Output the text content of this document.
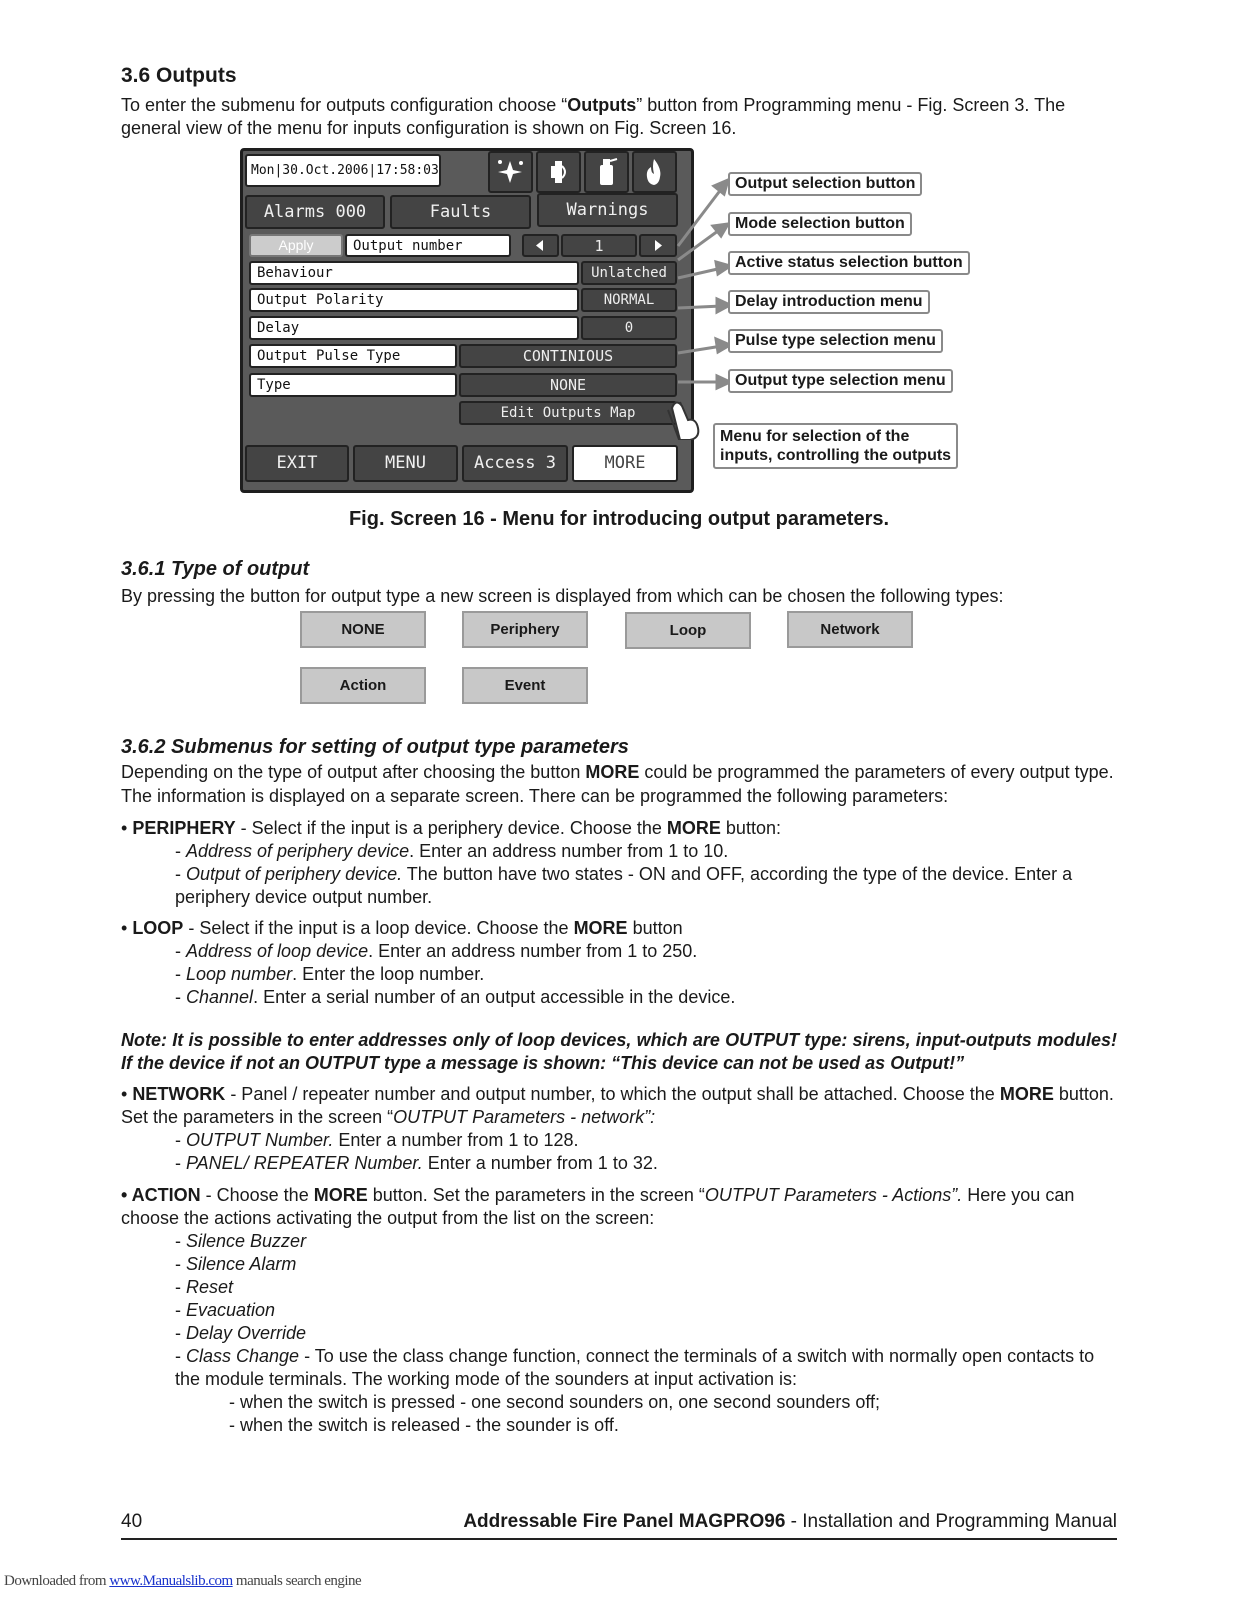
3.6 Outputs
To enter the submenu for outputs configuration choose “Outputs” button from Programming menu - Fig. Screen 3. The general view of the menu for inputs configuration is shown on Fig. Screen 16.
Mon|30.Oct.2006|17:58:03
Alarms 000	Faults	Warnings
Apply	Output number	1
Behaviour	Unlatched
Output Polarity	NORMAL
Delay	0
Output Pulse Type	CONTINIOUS
Type	NONE
Edit Outputs Map
EXIT	MENU	Access 3	MORE
Output selection button
Mode selection button
Active status selection button
Delay introduction menu
Pulse type selection menu
Output type selection menu
Menu for selection of the
inputs, controlling the outputs
Fig. Screen 16 - Menu for introducing output parameters.
3.6.1 Type of output
By pressing the button for output type a new screen is displayed from which can be chosen the following types:
NONE	Periphery	Loop	Network
Action	Event
3.6.2 Submenus for setting of output type parameters
Depending on the type of output after choosing the button MORE could be programmed the parameters of every output type. The information is displayed on a separate screen. There can be programmed the following parameters:
• PERIPHERY - Select if the input is a periphery device. Choose the MORE button:
- Address of periphery device. Enter an address number from 1 to 10.
- Output of periphery device. The button have two states - ON and OFF, according the type of the device. Enter a periphery device output number.
• LOOP - Select if the input is a loop device. Choose the MORE button
- Address of loop device. Enter an address number from 1 to 250.
- Loop number. Enter the loop number.
- Channel. Enter a serial number of an output accessible in the device.
Note: It is possible to enter addresses only of loop devices, which are OUTPUT type: sirens, input-outputs modules! If the device if not an OUTPUT type a message is shown: “This device can not be used as Output!”
• NETWORK - Panel / repeater number and output number, to which the output shall be attached. Choose the MORE button. Set the parameters in the screen “OUTPUT Parameters - network”:
- OUTPUT Number. Enter a number from 1 to 128.
- PANEL/ REPEATER Number. Enter a number from 1 to 32.
• ACTION - Choose the MORE button. Set the parameters in the screen “OUTPUT Parameters - Actions”. Here you can choose the actions activating the output from the list on the screen:
- Silence Buzzer
- Silence Alarm
- Reset
- Evacuation
- Delay Override
- Class Change - To use the class change function, connect the terminals of a switch with normally open contacts to the module terminals. The working mode of the sounders at input activation is:
- when the switch is pressed - one second sounders on, one second sounders off;
- when the switch is released - the sounder is off.
40	Addressable Fire Panel MAGPRO96 - Installation and Programming Manual
Downloaded from www.Manualslib.com manuals search engine
